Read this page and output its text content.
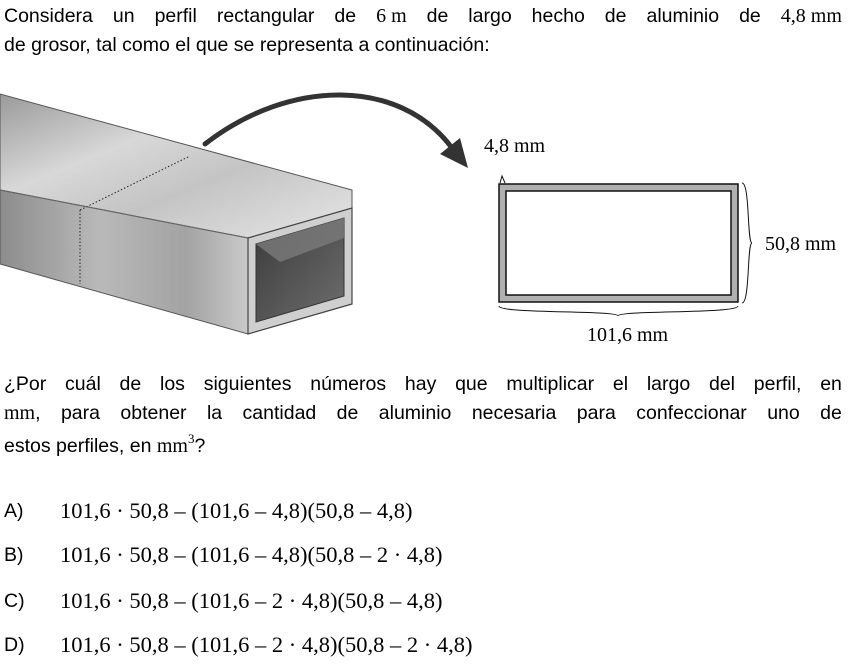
Considera un perfil rectangular de 6 m de largo hecho de aluminio de 4,8 mm
de grosor, tal como el que se representa a continuación:
4,8 mm
50,8 mm
101,6 mm
¿Por cuál de los siguientes números hay que multiplicar el largo del perfil, en
mm , para obtener la cantidad de aluminio necesaria para confeccionar uno de
estos perfiles, en $mm^3$?
A)	101,6 · 50,8 – (101,6 – 4,8)(50,8 – 4,8)
B)	101,6 · 50,8 – (101,6 – 4,8)(50,8 – 2 · 4,8)
C)	101,6 · 50,8 – (101,6 – 2 · 4,8)(50,8 – 4,8)
D)	101,6 · 50,8 – (101,6 – 2 · 4,8)(50,8 – 2 · 4,8)
